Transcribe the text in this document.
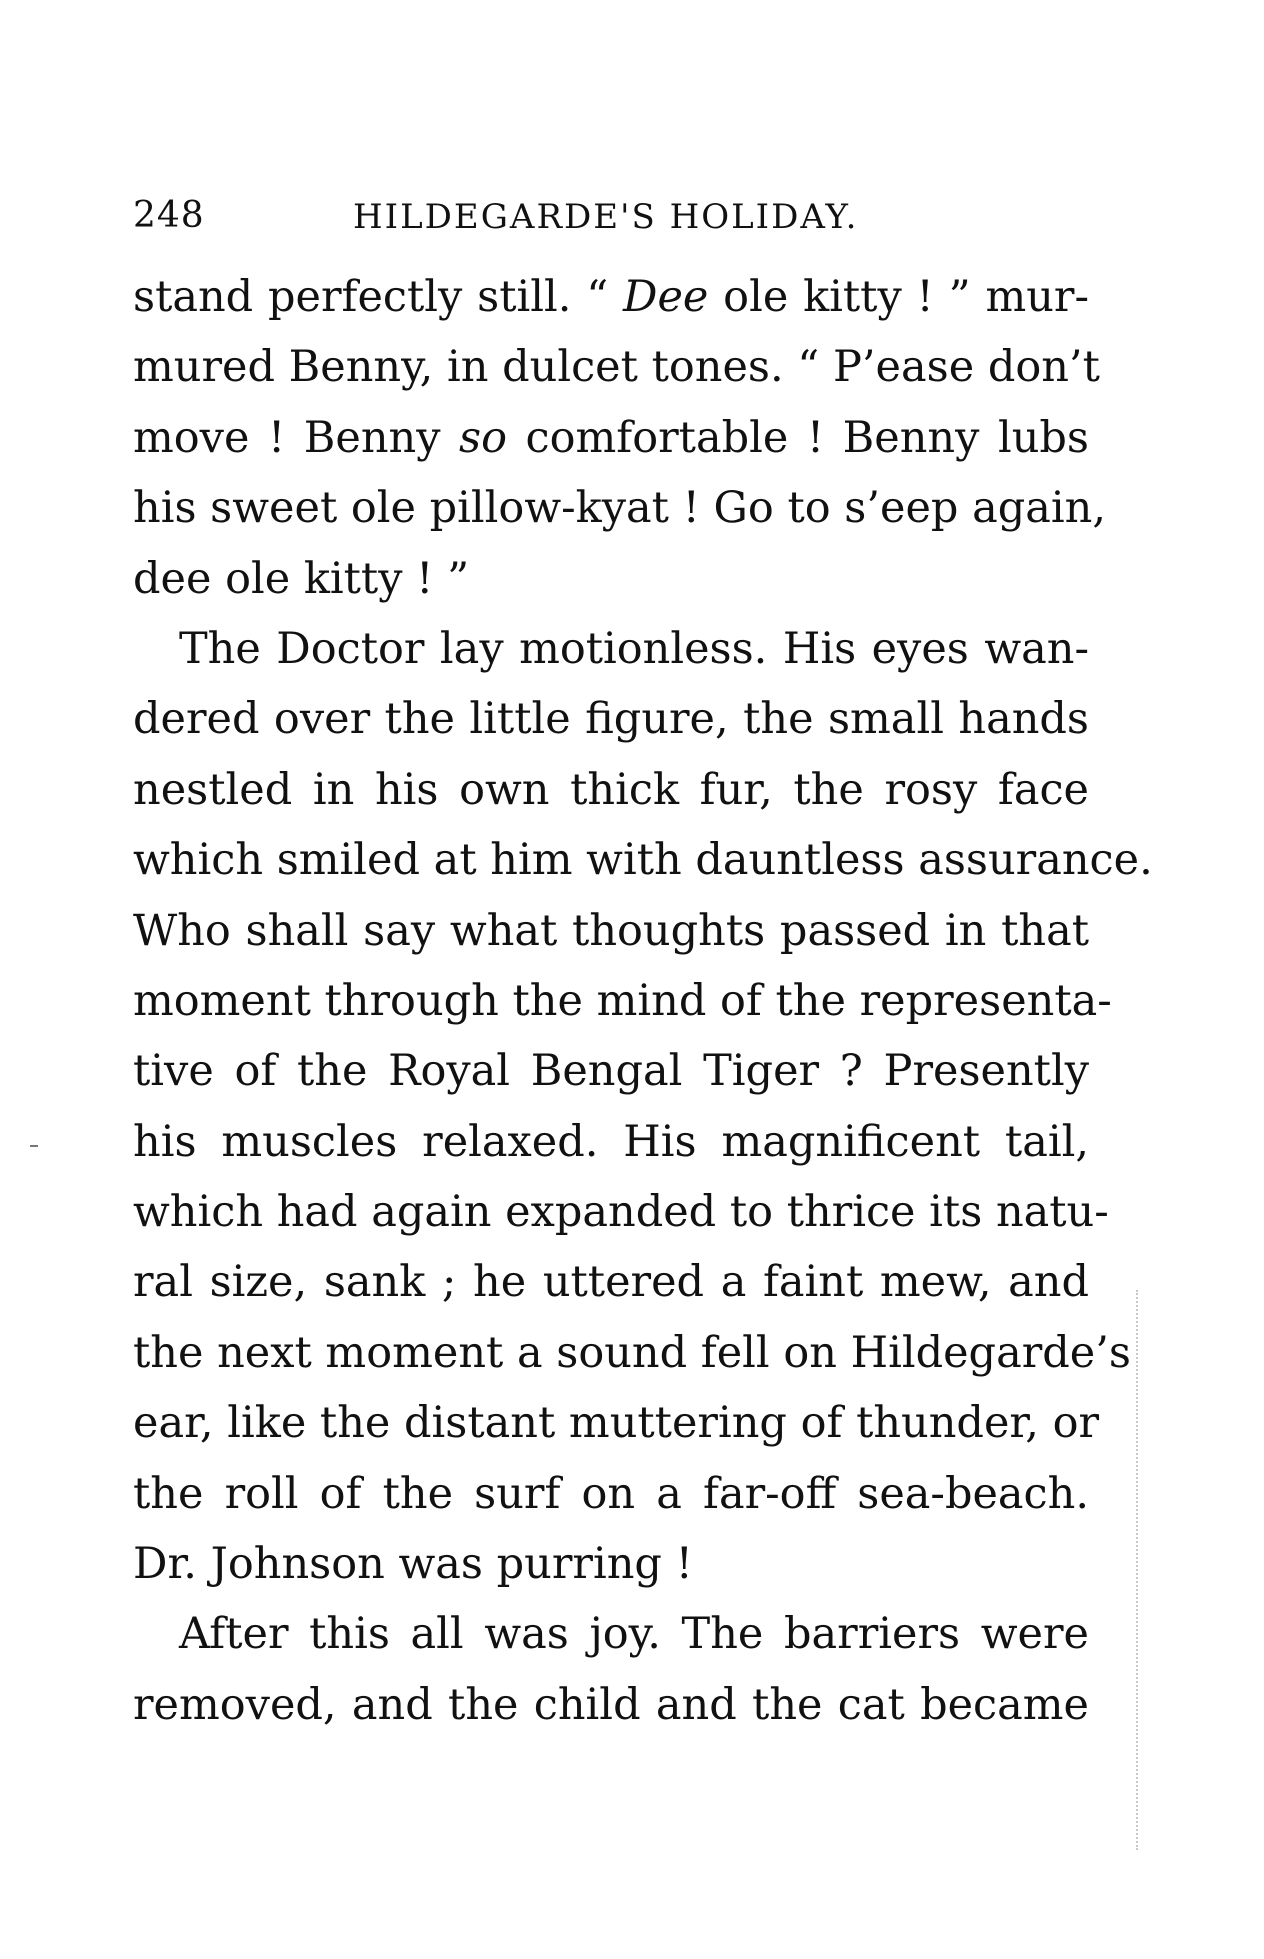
248	HILDEGARDE'S HOLIDAY.
stand perfectly still. “ Dee ole kitty ! ” mur-
mured Benny, in dulcet tones. “ P’ease don’t
move ! Benny so comfortable ! Benny lubs
his sweet ole pillow-kyat ! Go to s’eep again,
dee ole kitty ! ”
The Doctor lay motionless. His eyes wan-
dered over the little figure, the small hands
nestled in his own thick fur, the rosy face
which smiled at him with dauntless assurance.
Who shall say what thoughts passed in that
moment through the mind of the representa-
tive of the Royal Bengal Tiger ? Presently
his muscles relaxed. His magnificent tail,
which had again expanded to thrice its natu-
ral size, sank ; he uttered a faint mew, and
the next moment a sound fell on Hildegarde’s
ear, like the distant muttering of thunder, or
the roll of the surf on a far-off sea-beach.
Dr. Johnson was purring !
After this all was joy. The barriers were
removed, and the child and the cat became
